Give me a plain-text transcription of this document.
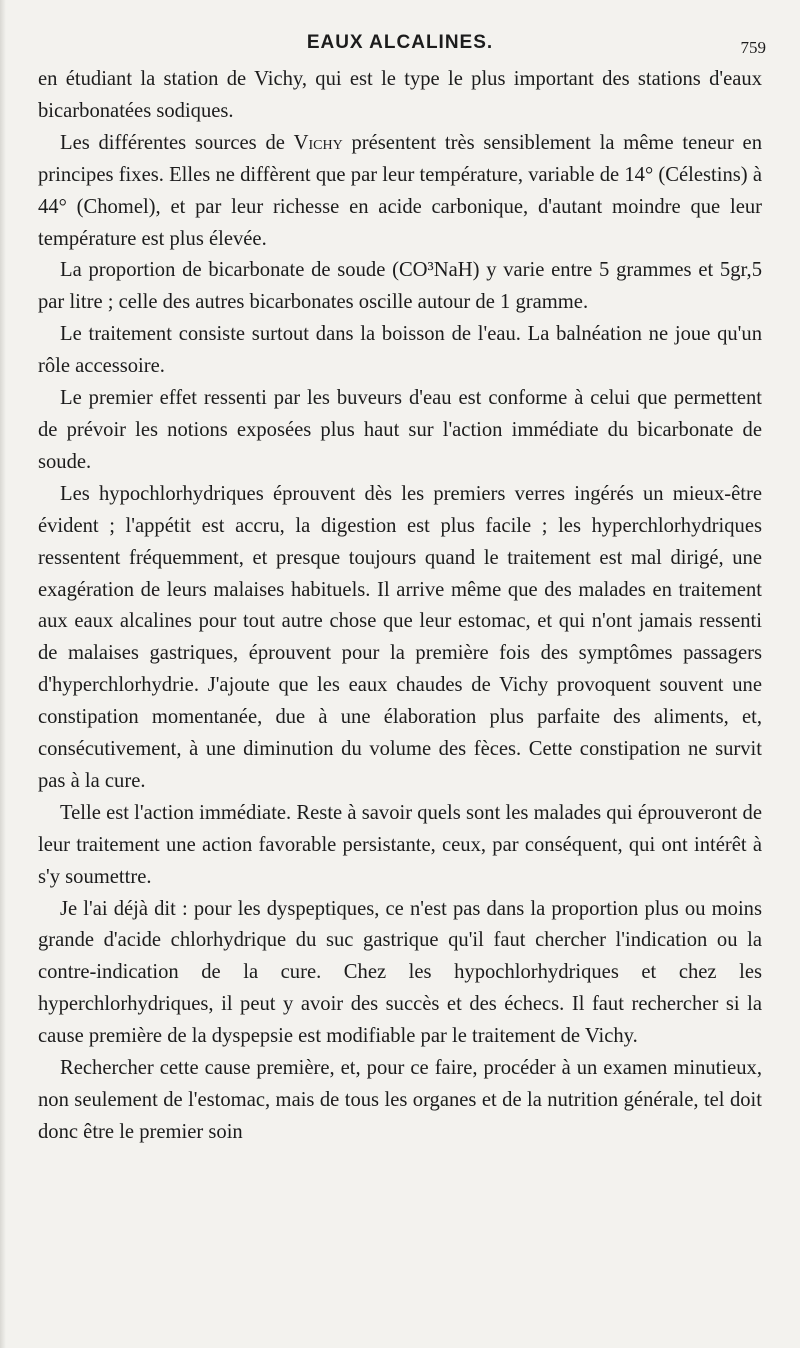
EAUX ALCALINES.	759

en étudiant la station de Vichy, qui est le type le plus important des stations d'eaux bicarbonatées sodiques.

Les différentes sources de Vichy présentent très sensiblement la même teneur en principes fixes. Elles ne diffèrent que par leur température, variable de 14° (Célestins) à 44° (Chomel), et par leur richesse en acide carbonique, d'autant moindre que leur température est plus élevée.

La proportion de bicarbonate de soude (CO³NaH) y varie entre 5 grammes et 5gr,5 par litre ; celle des autres bicarbonates oscille autour de 1 gramme.

Le traitement consiste surtout dans la boisson de l'eau. La balnéation ne joue qu'un rôle accessoire.

Le premier effet ressenti par les buveurs d'eau est conforme à celui que permettent de prévoir les notions exposées plus haut sur l'action immédiate du bicarbonate de soude.

Les hypochlorhydriques éprouvent dès les premiers verres ingérés un mieux-être évident ; l'appétit est accru, la digestion est plus facile ; les hyperchlorhydriques ressentent fréquemment, et presque toujours quand le traitement est mal dirigé, une exagération de leurs malaises habituels. Il arrive même que des malades en traitement aux eaux alcalines pour tout autre chose que leur estomac, et qui n'ont jamais ressenti de malaises gastriques, éprouvent pour la première fois des symptômes passagers d'hyperchlorhydrie. J'ajoute que les eaux chaudes de Vichy provoquent souvent une constipation momentanée, due à une élaboration plus parfaite des aliments, et, consécutivement, à une diminution du volume des fèces. Cette constipation ne survit pas à la cure.

Telle est l'action immédiate. Reste à savoir quels sont les malades qui éprouveront de leur traitement une action favorable persistante, ceux, par conséquent, qui ont intérêt à s'y soumettre.

Je l'ai déjà dit : pour les dyspeptiques, ce n'est pas dans la proportion plus ou moins grande d'acide chlorhydrique du suc gastrique qu'il faut chercher l'indication ou la contre-indication de la cure. Chez les hypochlorhydriques et chez les hyperchlorhydriques, il peut y avoir des succès et des échecs. Il faut rechercher si la cause première de la dyspepsie est modifiable par le traitement de Vichy.

Rechercher cette cause première, et, pour ce faire, procéder à un examen minutieux, non seulement de l'estomac, mais de tous les organes et de la nutrition générale, tel doit donc être le premier soin
